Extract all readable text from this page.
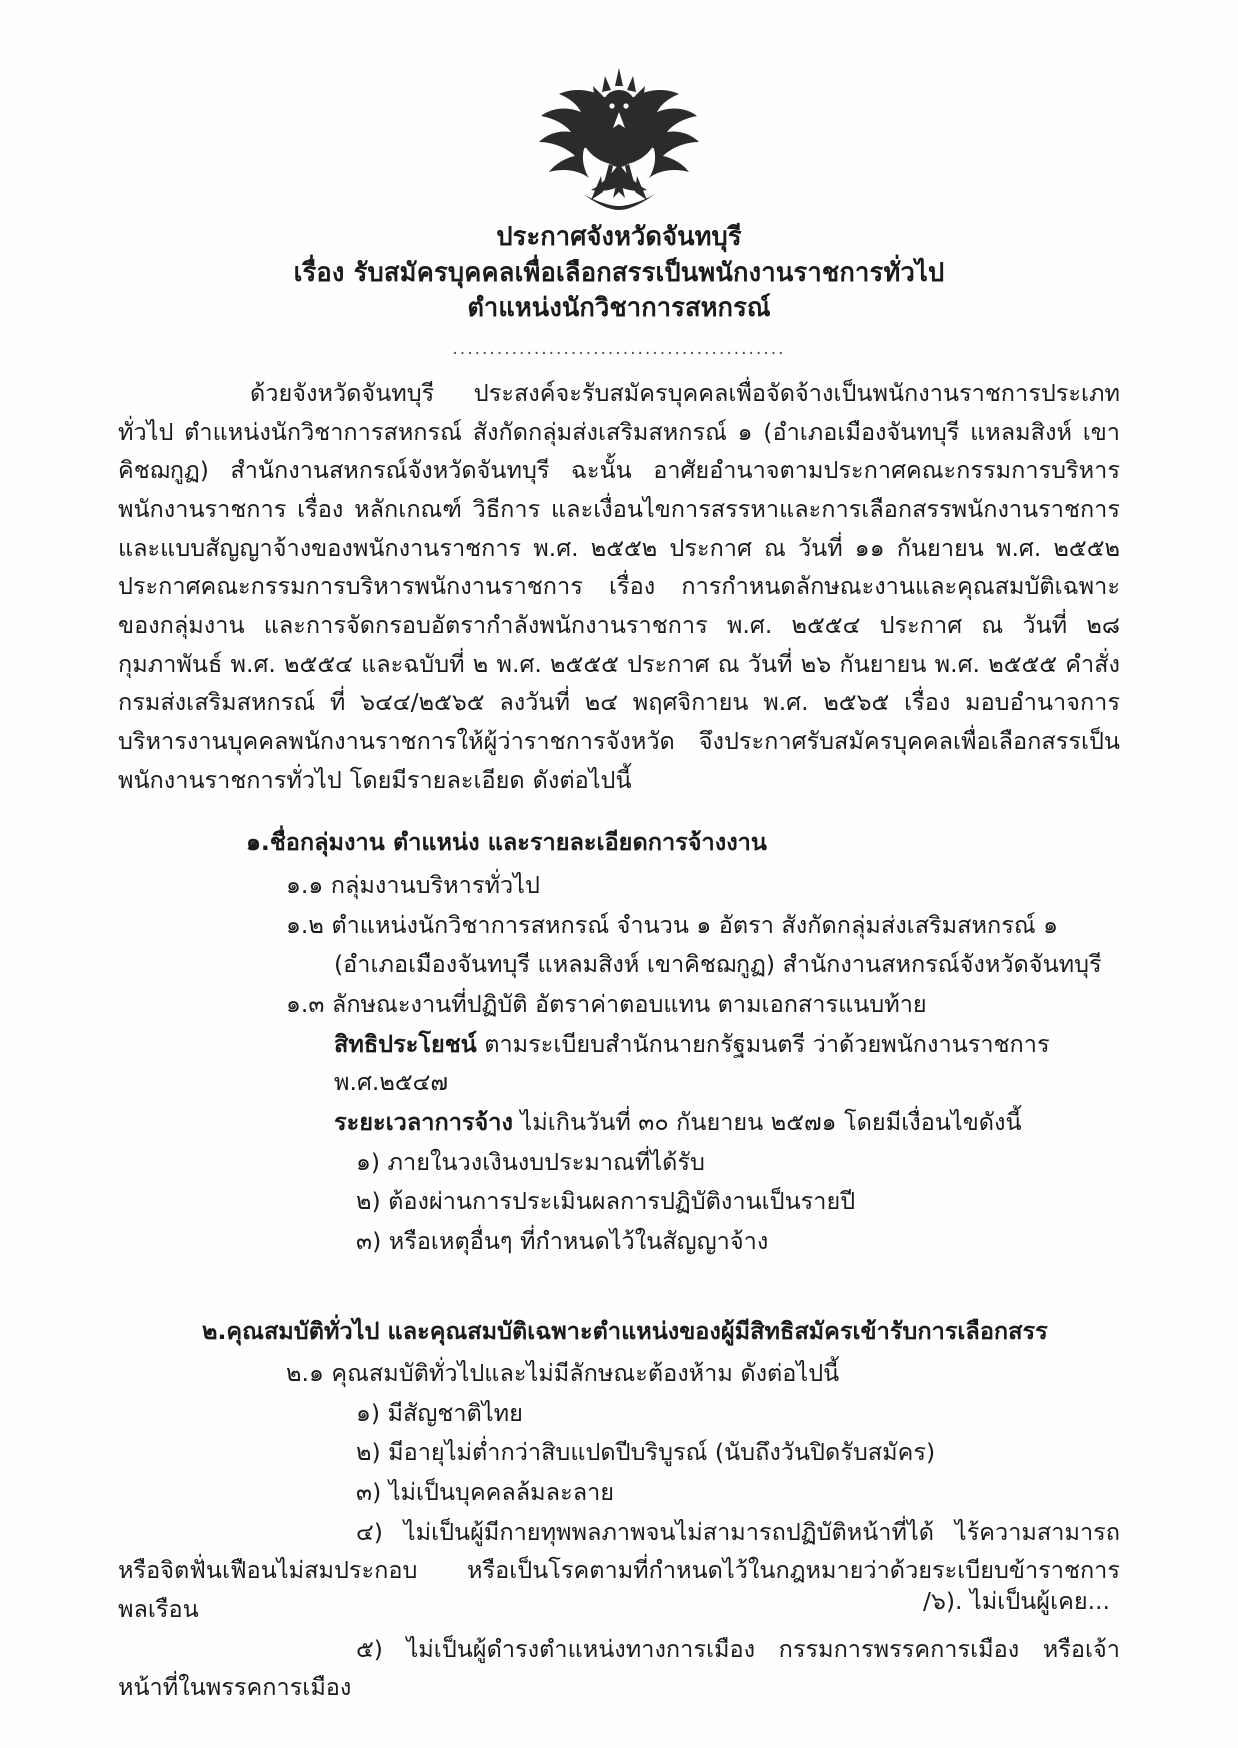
ประกาศจังหวัดจันทบุรี
เรื่อง รับสมัครบุคคลเพื่อเลือกสรรเป็นพนักงานราชการทั่วไป
ตำแหน่งนักวิชาการสหกรณ์
.............................................

ด้วยจังหวัดจันทบุรี ประสงค์จะรับสมัครบุคคลเพื่อจัดจ้างเป็นพนักงานราชการประเภททั่วไป ตำแหน่งนักวิชาการสหกรณ์ สังกัดกลุ่มส่งเสริมสหกรณ์ ๑ (อำเภอเมืองจันทบุรี แหลมสิงห์ เขาคิชฌกูฏ) สำนักงานสหกรณ์จังหวัดจันทบุรี ฉะนั้น อาศัยอำนาจตามประกาศคณะกรรมการบริหารพนักงานราชการ เรื่อง หลักเกณฑ์ วิธีการ และเงื่อนไขการสรรหาและการเลือกสรรพนักงานราชการ และแบบสัญญาจ้างของพนักงานราชการ พ.ศ. ๒๕๕๒ ประกาศ ณ วันที่ ๑๑ กันยายน พ.ศ. ๒๕๕๒ ประกาศคณะกรรมการบริหารพนักงานราชการ เรื่อง การกำหนดลักษณะงานและคุณสมบัติเฉพาะของกลุ่มงาน และการจัดกรอบอัตรากำลังพนักงานราชการ พ.ศ. ๒๕๕๔ ประกาศ ณ วันที่ ๒๘ กุมภาพันธ์ พ.ศ. ๒๕๕๔ และฉบับที่ ๒ พ.ศ. ๒๕๕๕ ประกาศ ณ วันที่ ๒๖ กันยายน พ.ศ. ๒๕๕๕ คำสั่งกรมส่งเสริมสหกรณ์ ที่ ๖๔๔/๒๕๖๕ ลงวันที่ ๒๔ พฤศจิกายน พ.ศ. ๒๕๖๕ เรื่อง มอบอำนาจการบริหารงานบุคคลพนักงานราชการให้ผู้ว่าราชการจังหวัด จึงประกาศรับสมัครบุคคลเพื่อเลือกสรรเป็นพนักงานราชการทั่วไป โดยมีรายละเอียด ดังต่อไปนี้

๑.ชื่อกลุ่มงาน ตำแหน่ง และรายละเอียดการจ้างงาน
๑.๑ กลุ่มงานบริหารทั่วไป
๑.๒ ตำแหน่งนักวิชาการสหกรณ์ จำนวน ๑ อัตรา สังกัดกลุ่มส่งเสริมสหกรณ์ ๑
(อำเภอเมืองจันทบุรี แหลมสิงห์ เขาคิชฌกูฏ) สำนักงานสหกรณ์จังหวัดจันทบุรี
๑.๓ ลักษณะงานที่ปฏิบัติ อัตราค่าตอบแทน ตามเอกสารแนบท้าย
สิทธิประโยชน์ ตามระเบียบสำนักนายกรัฐมนตรี ว่าด้วยพนักงานราชการ พ.ศ.๒๕๔๗
ระยะเวลาการจ้าง ไม่เกินวันที่ ๓๐ กันยายน ๒๕๗๑ โดยมีเงื่อนไขดังนี้
๑) ภายในวงเงินงบประมาณที่ได้รับ
๒) ต้องผ่านการประเมินผลการปฏิบัติงานเป็นรายปี
๓) หรือเหตุอื่นๆ ที่กำหนดไว้ในสัญญาจ้าง
๒.คุณสมบัติทั่วไป และคุณสมบัติเฉพาะตำแหน่งของผู้มีสิทธิสมัครเข้ารับการเลือกสรร
๒.๑ คุณสมบัติทั่วไปและไม่มีลักษณะต้องห้าม ดังต่อไปนี้
๑) มีสัญชาติไทย
๒) มีอายุไม่ต่ำกว่าสิบแปดปีบริบูรณ์ (นับถึงวันปิดรับสมัคร)
๓) ไม่เป็นบุคคลล้มละลาย

๔) ไม่เป็นผู้มีกายทุพพลภาพจนไม่สามารถปฏิบัติหน้าที่ได้ ไร้ความสามารถหรือจิตฟั่นเฟือนไม่สมประกอบ หรือเป็นโรคตามที่กำหนดไว้ในกฎหมายว่าด้วยระเบียบข้าราชการพลเรือน

๕) ไม่เป็นผู้ดำรงตำแหน่งทางการเมือง กรรมการพรรคการเมือง หรือเจ้าหน้าที่ในพรรคการเมือง

/๖). ไม่เป็นผู้เคย...
